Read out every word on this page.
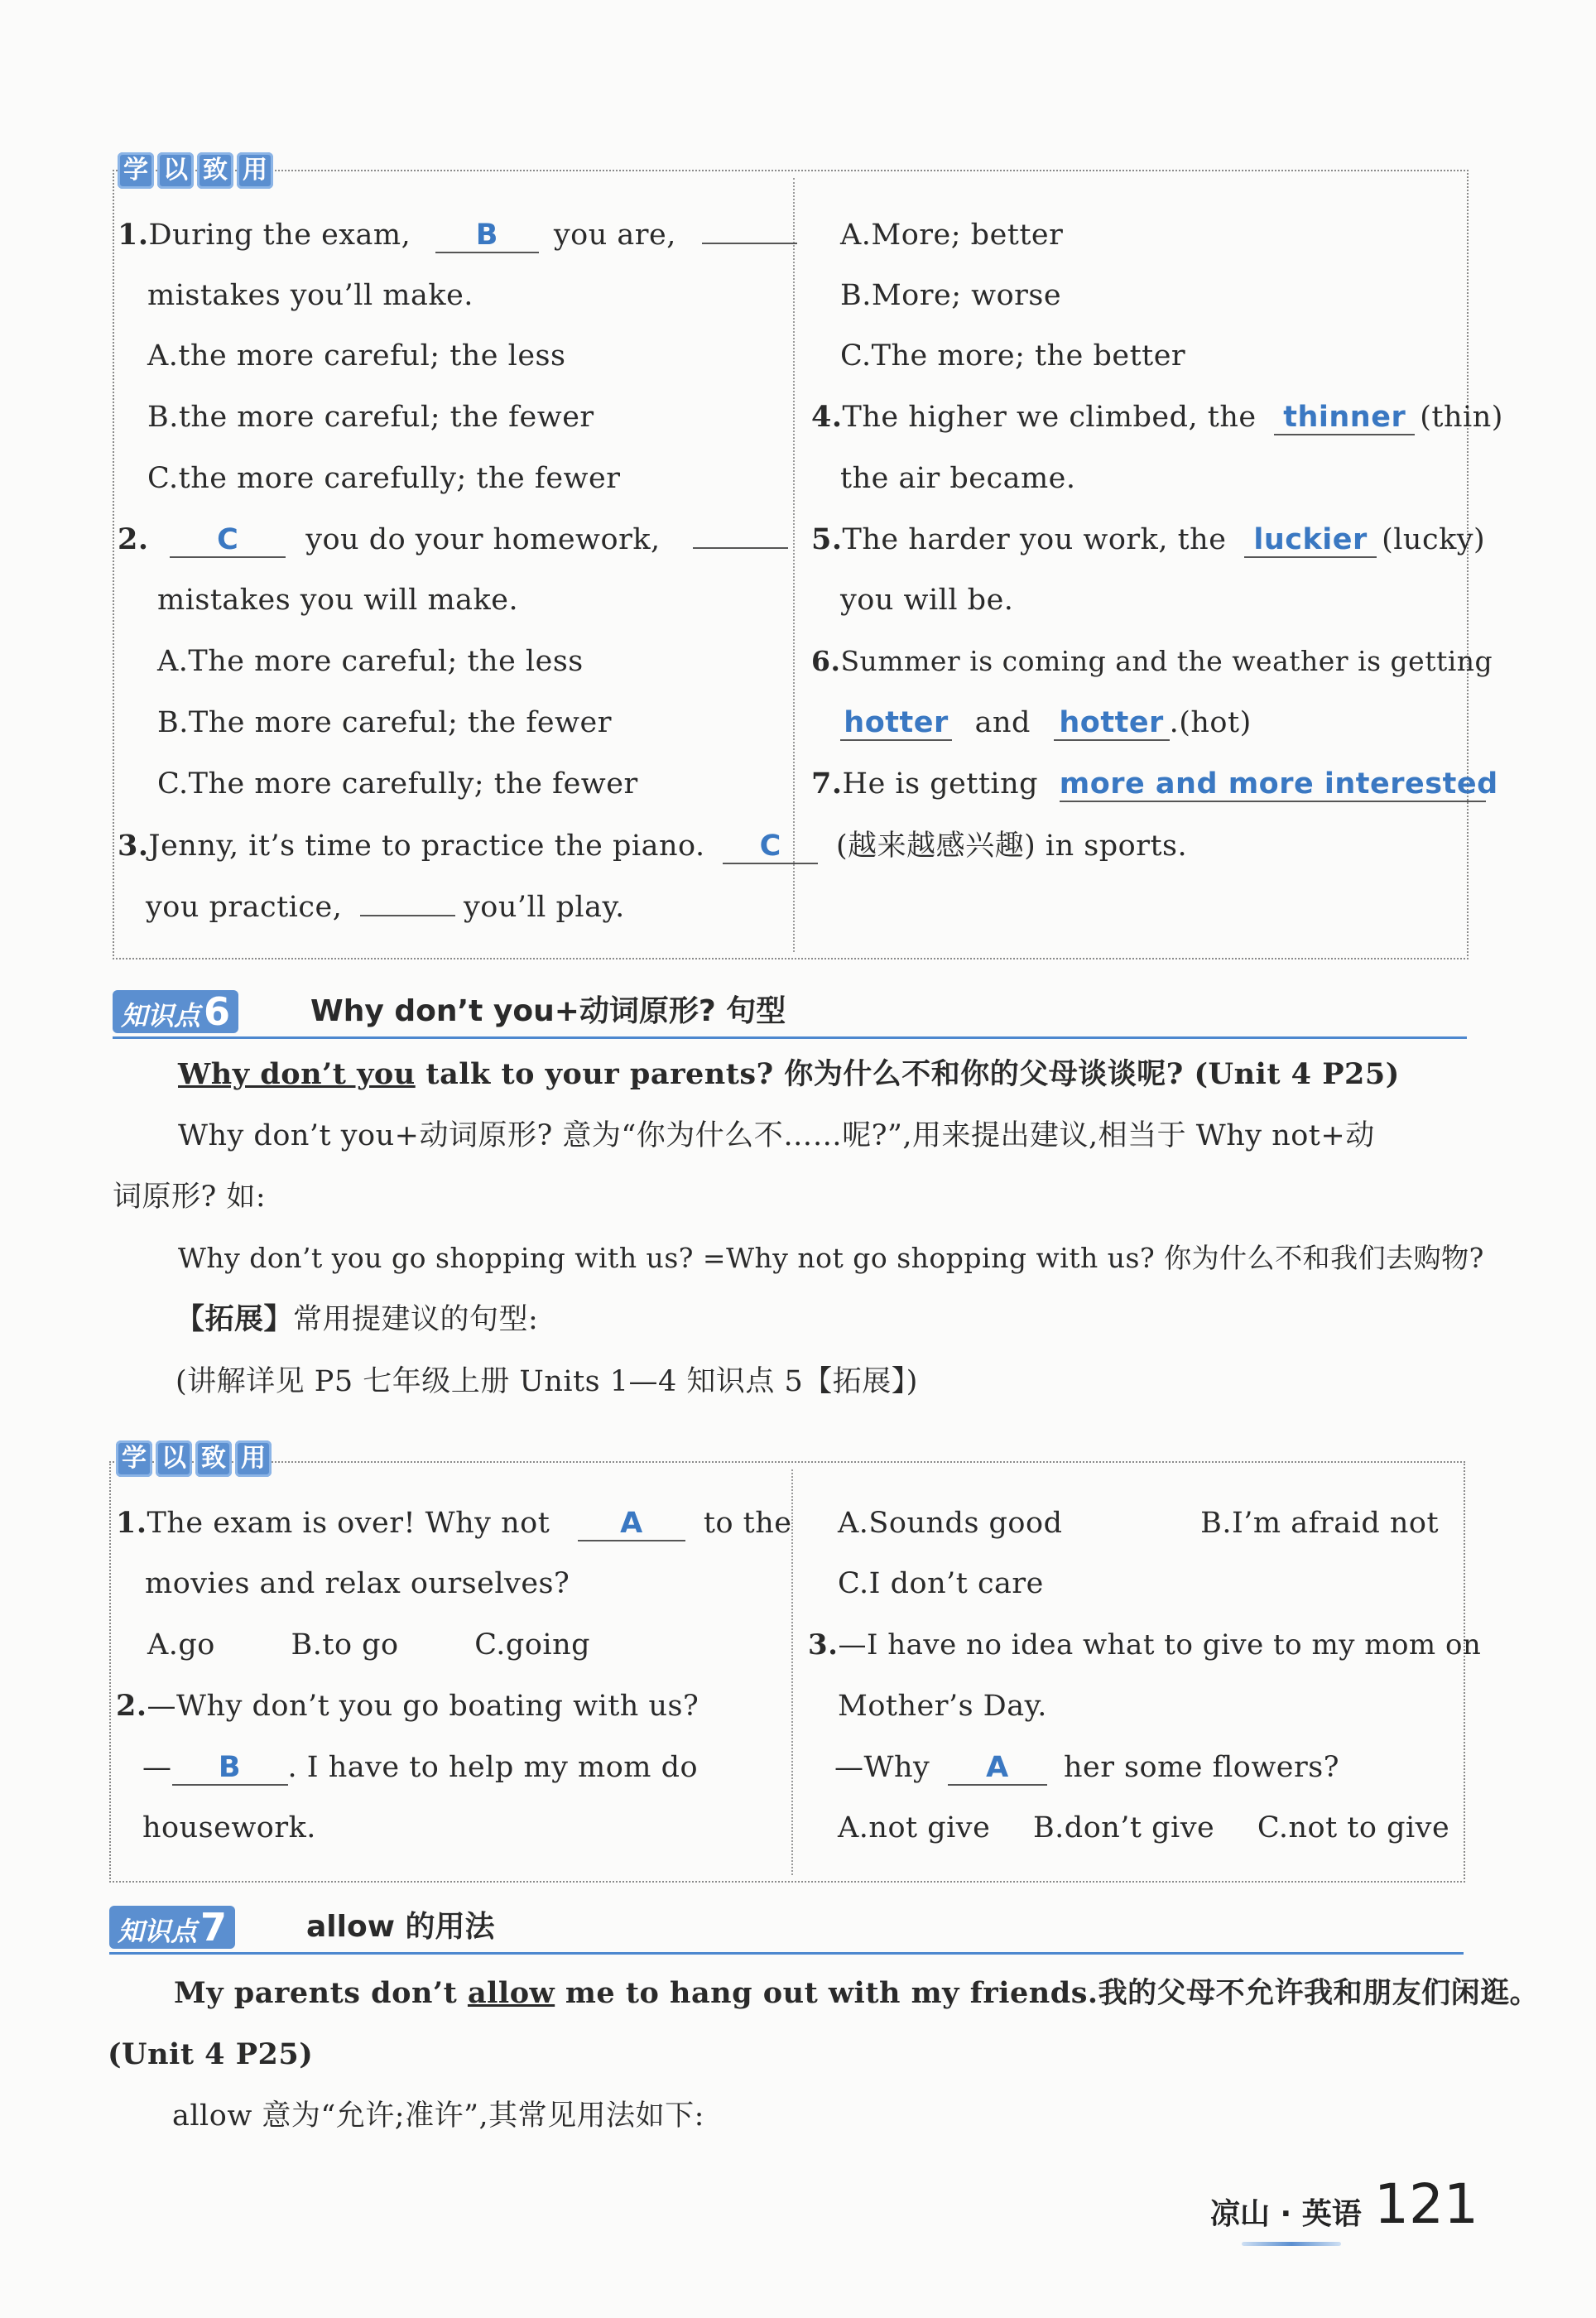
学 以 致 用
1.During the exam, B you are,
mistakes you’ll make.
A.the more careful; the less
B.the more careful; the fewer
C.the more carefully; the fewer
2. C you do your homework,
mistakes you will make.
A.The more careful; the less
B.The more careful; the fewer
C.The more carefully; the fewer
3.Jenny, it’s time to practice the piano. C
you practice,	you’ll play.
A.More; better
B.More; worse
C.The more; the better
4.The higher we climbed, the thinner (thin)
the air became.
5.The harder you work, the luckier (lucky)
you will be.
6.Summer is coming and the weather is getting
hotter and hotter .(hot)
7.He is getting more and more interested
(越来越感兴趣) in sports.
知识点6	Why don’t you+动词原形? 句型
Why don’t you talk to your parents? 你为什么不和你的父母谈谈呢? (Unit 4 P25)
Why don’t you+动词原形? 意为“你为什么不……呢?”,用来提出建议,相当于 Why not+动
词原形? 如:
Why don’t you go shopping with us? =Why not go shopping with us? 你为什么不和我们去购物?
【拓展】常用提建议的句型:
(讲解详见 P5 七年级上册 Units 1—4 知识点 5【拓展】)
学 以 致 用
1.The exam is over! Why not A to the
movies and relax ourselves?
A.go	B.to go	C.going
2.—Why don’t you go boating with us?
— B . I have to help my mom do
housework.
A.Sounds good	B.I’m afraid not
C.I don’t care
3.—I have no idea what to give to my mom on
Mother’s Day.
—Why A her some flowers?
A.not give B.don’t give C.not to give
知识点7	allow 的用法
My parents don’t allow me to hang out with my friends.我的父母不允许我和朋友们闲逛。
(Unit 4 P25)
allow 意为“允许;准许”,其常见用法如下:
凉山 · 英语 121
